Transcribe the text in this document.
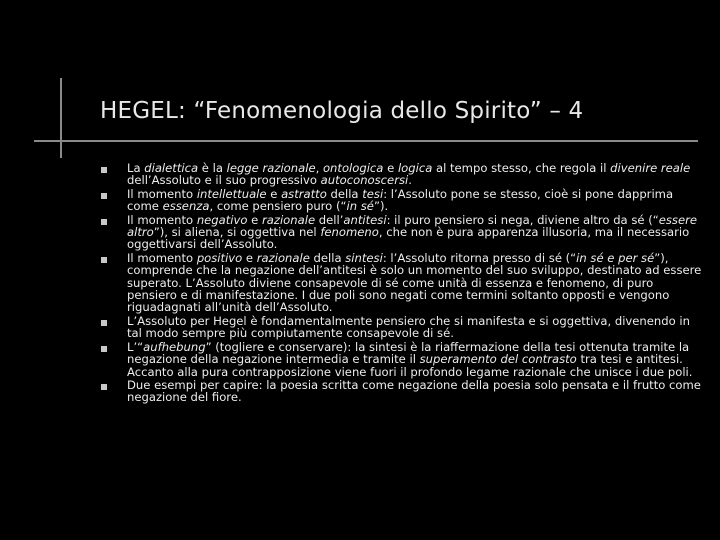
HEGEL: “Fenomenologia dello Spirito” – 4
La dialettica è la legge razionale, ontologica e logica al tempo stesso, che regola il divenire reale dell’Assoluto e il suo progressivo autoconoscersi.
Il momento intellettuale e astratto della tesi: l’Assoluto pone se stesso, cioè si pone dapprima come essenza, come pensiero puro (“in sé”).
Il momento negativo e razionale dell’antitesi: il puro pensiero si nega, diviene altro da sé (“essere altro”), si aliena, si oggettiva nel fenomeno, che non è pura apparenza illusoria, ma il necessario oggettivarsi dell’Assoluto.
Il momento positivo e razionale della sintesi: l’Assoluto ritorna presso di sé (“in sé e per sé”), comprende che la negazione dell’antitesi è solo un momento del suo sviluppo, destinato ad essere superato. L’Assoluto diviene consapevole di sé come unità di essenza e fenomeno, di puro pensiero e di manifestazione. I due poli sono negati come termini soltanto opposti e vengono riguadagnati all’unità dell’Assoluto.
L’Assoluto per Hegel è fondamentalmente pensiero che si manifesta e si oggettiva, divenendo in tal modo sempre più compiutamente consapevole di sé.
L’“aufhebung” (togliere e conservare): la sintesi è la riaffermazione della tesi ottenuta tramite la negazione della negazione intermedia e tramite il superamento del contrasto tra tesi e antitesi. Accanto alla pura contrapposizione viene fuori il profondo legame razionale che unisce i due poli.
Due esempi per capire: la poesia scritta come negazione della poesia solo pensata e il frutto come negazione del fiore.
